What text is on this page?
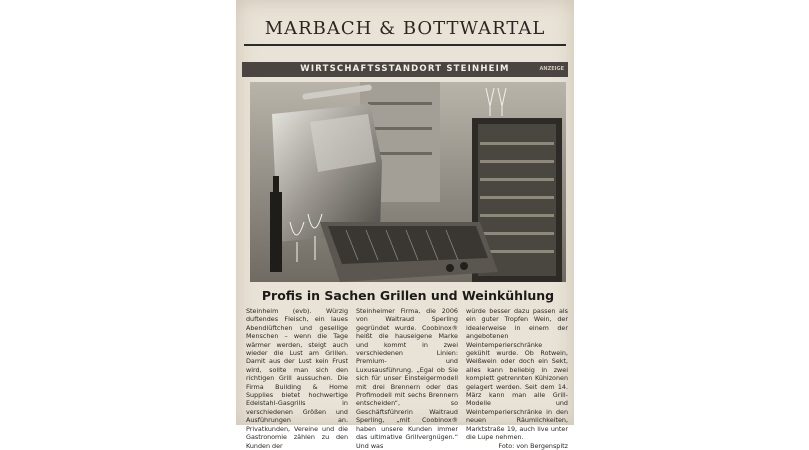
MARBACH & BOTTWARTAL
WIRTSCHAFTSSTANDORT STEINHEIM	ANZEIGE
Profis in Sachen Grillen und Weinkühlung
Steinheim (evb). Würzig duftendes Fleisch, ein laues Abendlüftchen und gesellige Menschen – wenn die Tage wärmer werden, steigt auch wieder die Lust am Grillen. Damit aus der Lust kein Frust wird, sollte man sich den richtigen Grill aussuchen. Die Firma Building & Home Supplies bietet hochwertige Edelstahl-Gasgrills in verschiedenen Größen und Ausführungen an. Privatkunden, Vereine und die Gastronomie zählen zu den Kunden der
Steinheimer Firma, die 2006 von Waltraud Sperling gegründet wurde. Coobinox® heißt die hauseigene Marke und kommt in zwei verschiedenen Linien: Premium- und Luxusausführung. „Egal ob Sie sich für unser Einsteigermodell mit drei Brennern oder das Profimodell mit sechs Brennern entscheiden“, so Geschäftsführerin Waltraud Sperling, „mit Coobinox® haben unsere Kunden immer das ultimative Grillvergnügen.“ Und was
würde besser dazu passen als ein guter Tropfen Wein, der idealerweise in einem der angebotenen Weintemperierschränke gekühlt wurde. Ob Rotwein, Weißwein oder doch ein Sekt, alles kann beliebig in zwei komplett getrennten Kühlzonen gelagert werden. Seit dem 14. März kann man alle Grill-Modelle und Weintemperierschränke in den neuen Räumlichkeiten, Marktstraße 19, auch live unter die Lupe nehmen.
Foto: von Bergenspitz
